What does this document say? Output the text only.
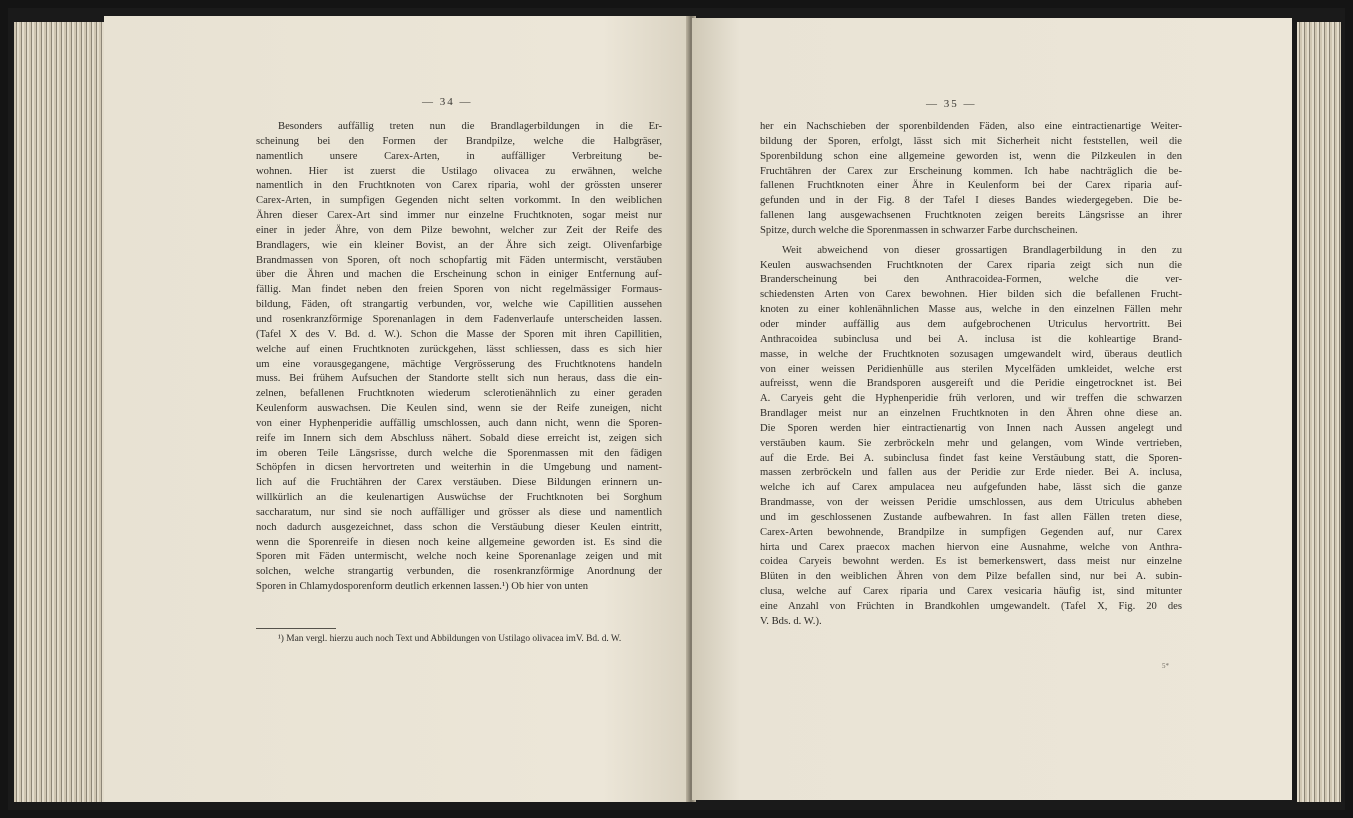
— 34 —
Besonders auffällig treten nun die Brandlagerbildungen in die Er-
scheinung bei den Formen der Brandpilze, welche die Halbgräser,
namentlich unsere Carex-Arten, in auffälliger Verbreitung be-
wohnen. Hier ist zuerst die Ustilago olivacea zu erwähnen, welche
namentlich in den Fruchtknoten von Carex riparia, wohl der grössten unserer
Carex-Arten, in sumpfigen Gegenden nicht selten vorkommt. In den weiblichen
Ähren dieser Carex-Art sind immer nur einzelne Fruchtknoten, sogar meist nur
einer in jeder Ähre, von dem Pilze bewohnt, welcher zur Zeit der Reife des
Brandlagers, wie ein kleiner Bovist, an der Ähre sich zeigt. Olivenfarbige
Brandmassen von Sporen, oft noch schopfartig mit Fäden untermischt, verstäuben
über die Ähren und machen die Erscheinung schon in einiger Entfernung auf-
fällig. Man findet neben den freien Sporen von nicht regelmässiger Formaus-
bildung, Fäden, oft strangartig verbunden, vor, welche wie Capillitien aussehen
und rosenkranzförmige Sporenanlagen in dem Fadenverlaufe unterscheiden lassen.
(Tafel X des V. Bd. d. W.). Schon die Masse der Sporen mit ihren Capillitien,
welche auf einen Fruchtknoten zurückgehen, lässt schliessen, dass es sich hier
um eine vorausgegangene, mächtige Vergrösserung des Fruchtknotens handeln
muss. Bei frühem Aufsuchen der Standorte stellt sich nun heraus, dass die ein-
zelnen, befallenen Fruchtknoten wiederum sclerotienähnlich zu einer geraden
Keulenform auswachsen. Die Keulen sind, wenn sie der Reife zuneigen, nicht
von einer Hyphenperidie auffällig umschlossen, auch dann nicht, wenn die Sporen-
reife im Innern sich dem Abschluss nähert. Sobald diese erreicht ist, zeigen sich
im oberen Teile Längsrisse, durch welche die Sporenmassen mit den fädigen
Schöpfen in dicsen hervortreten und weiterhin in die Umgebung und nament-
lich auf die Fruchtähren der Carex verstäuben. Diese Bildungen erinnern un-
willkürlich an die keulenartigen Auswüchse der Fruchtknoten bei Sorghum
saccharatum, nur sind sie noch auffälliger und grösser als diese und namentlich
noch dadurch ausgezeichnet, dass schon die Verstäubung dieser Keulen eintritt,
wenn die Sporenreife in diesen noch keine allgemeine geworden ist. Es sind die
Sporen mit Fäden untermischt, welche noch keine Sporenanlage zeigen und mit
solchen, welche strangartig verbunden, die rosenkranzförmige Anordnung der
Sporen in Chlamydosporenform deutlich erkennen lassen.¹) Ob hier von unten
¹) Man vergl. hierzu auch noch Text und Abbildungen von Ustilago olivacea imV. Bd. d. W.
— 35 —
her ein Nachschieben der sporenbildenden Fäden, also eine eintractienartige Weiter-
bildung der Sporen, erfolgt, lässt sich mit Sicherheit nicht feststellen, weil die
Sporenbildung schon eine allgemeine geworden ist, wenn die Pilzkeulen in den
Fruchtähren der Carex zur Erscheinung kommen. Ich habe nachträglich die be-
fallenen Fruchtknoten einer Ähre in Keulenform bei der Carex riparia auf-
gefunden und in der Fig. 8 der Tafel I dieses Bandes wiedergegeben. Die be-
fallenen lang ausgewachsenen Fruchtknoten zeigen bereits Längsrisse an ihrer
Spitze, durch welche die Sporenmassen in schwarzer Farbe durchscheinen.
Weit abweichend von dieser grossartigen Brandlagerbildung in den zu
Keulen auswachsenden Fruchtknoten der Carex riparia zeigt sich nun die
Branderscheinung bei den Anthracoidea-Formen, welche die ver-
schiedensten Arten von Carex bewohnen. Hier bilden sich die befallenen Frucht-
knoten zu einer kohlenähnlichen Masse aus, welche in den einzelnen Fällen mehr
oder minder auffällig aus dem aufgebrochenen Utriculus hervortritt. Bei
Anthracoidea subinclusa und bei A. inclusa ist die kohleartige Brand-
masse, in welche der Fruchtknoten sozusagen umgewandelt wird, überaus deutlich
von einer weissen Peridienhülle aus sterilen Mycelfäden umkleidet, welche erst
aufreisst, wenn die Brandsporen ausgereift und die Peridie eingetrocknet ist. Bei
A. Caryeis geht die Hyphenperidie früh verloren, und wir treffen die schwarzen
Brandlager meist nur an einzelnen Fruchtknoten in den Ähren ohne diese an.
Die Sporen werden hier eintractienartig von Innen nach Aussen angelegt und
verstäuben kaum. Sie zerbröckeln mehr und gelangen, vom Winde vertrieben,
auf die Erde. Bei A. subinclusa findet fast keine Verstäubung statt, die Sporen-
massen zerbröckeln und fallen aus der Peridie zur Erde nieder. Bei A. inclusa,
welche ich auf Carex ampulacea neu aufgefunden habe, lässt sich die ganze
Brandmasse, von der weissen Peridie umschlossen, aus dem Utriculus abheben
und im geschlossenen Zustande aufbewahren. In fast allen Fällen treten diese,
Carex-Arten bewohnende, Brandpilze in sumpfigen Gegenden auf, nur Carex
hirta und Carex praecox machen hiervon eine Ausnahme, welche von Anthra-
coidea Caryeis bewohnt werden. Es ist bemerkenswert, dass meist nur einzelne
Blüten in den weiblichen Ähren von dem Pilze befallen sind, nur bei A. subin-
clusa, welche auf Carex riparia und Carex vesicaria häufig ist, sind mitunter
eine Anzahl von Früchten in Brandkohlen umgewandelt. (Tafel X, Fig. 20 des
V. Bds. d. W.).
5*
